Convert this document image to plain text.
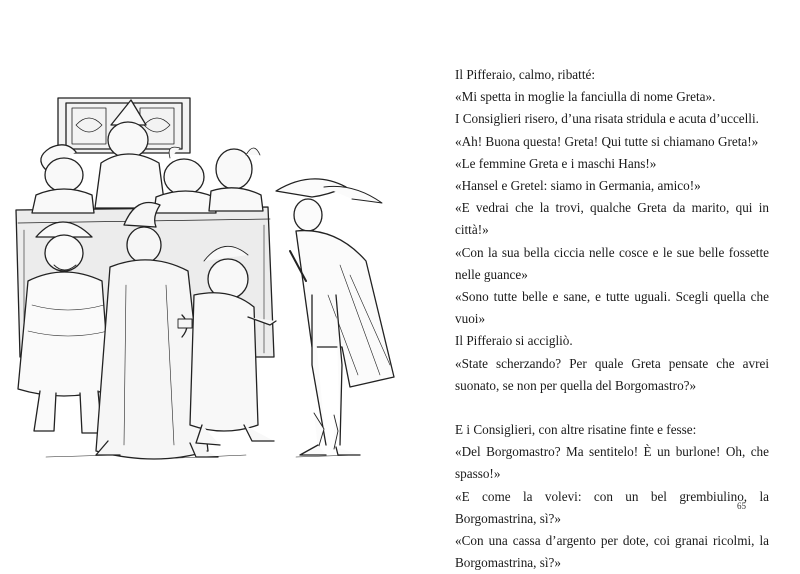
Il Pifferaio, calmo, ribatté:

«Mi spetta in moglie la fanciulla di nome Greta».

I Consiglieri risero, d’una risata stridula e acuta d’uccelli.

«Ah! Buona questa! Greta! Qui tutte si chiamano Greta!»

«Le femmine Greta e i maschi Hans!»

«Hansel e Gretel: siamo in Germania, amico!»

«E vedrai che la trovi, qualche Greta da marito, qui in città!»

«Con la sua bella ciccia nelle cosce e le sue belle fossette nelle guance»

«Sono tutte belle e sane, e tutte uguali. Scegli quella che vuoi»

Il Pifferaio si accigliò.

«State scherzando? Per quale Greta pensate che avrei suonato, se non per quella del Borgomastro?»

E i Consiglieri, con altre risatine finte e fesse:

«Del Borgomastro? Ma sentitelo! È un burlone! Oh, che spasso!»

«E come la volevi: con un bel grembiulino, la Borgomastrina, sì?»

«Con una cassa d’argento per dote, coi granai ricolmi, la Borgomastrina, sì?»

65
